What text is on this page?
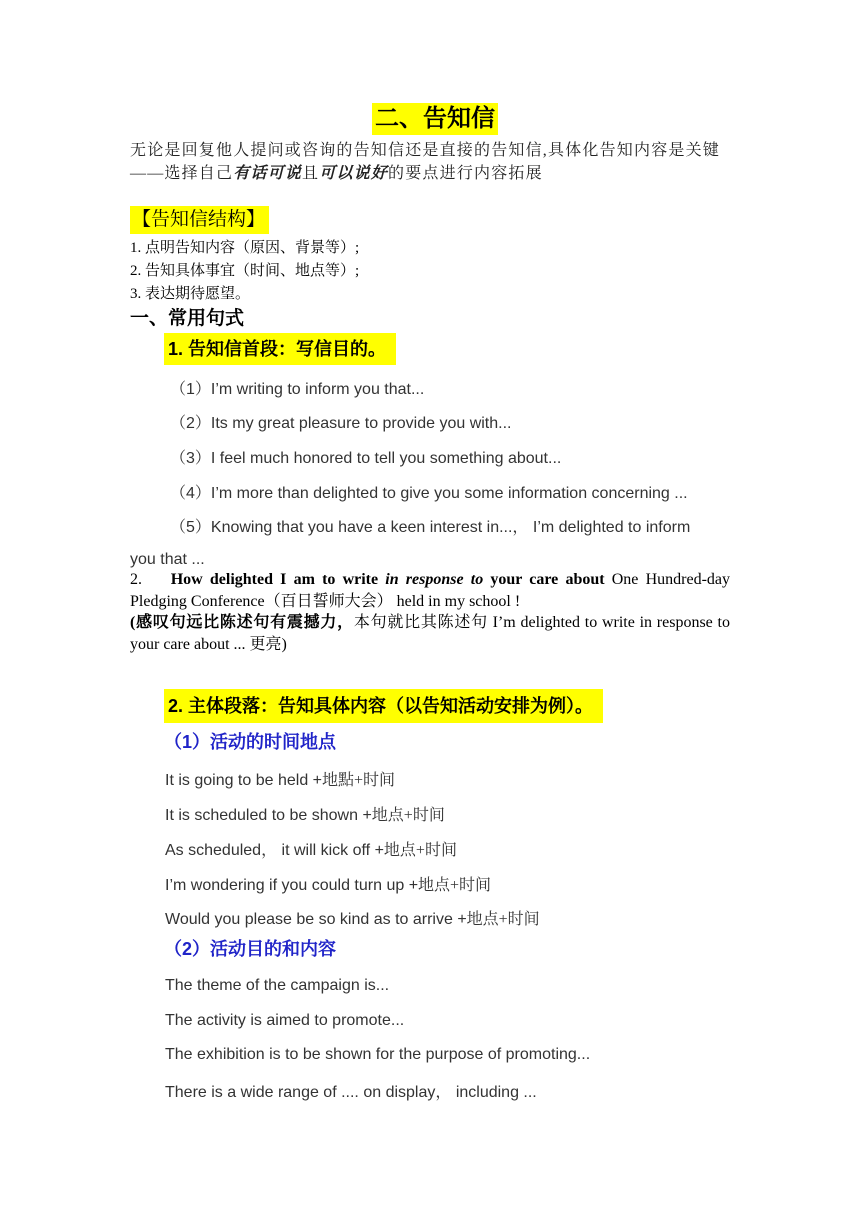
二、告知信
无论是回复他人提问或咨询的告知信还是直接的告知信,具体化告知内容是关键
——选择自己有话可说且可以说好的要点进行内容拓展
【告知信结构】
1. 点明告知内容（原因、背景等）;
2. 告知具体事宜（时间、地点等）;
3. 表达期待愿望。
一、常用句式
1. 告知信首段：写信目的。
（1）I’m writing to inform you that...
（2）Its my great pleasure to provide you with...
（3）I feel much honored to tell you something about...
（4）I’m more than delighted to give you some information concerning ...
（5）Knowing that you have a keen interest in...， I’m delighted to inform
you that ...
2. How delighted I am to write in response to your care about One Hundred-day Pledging Conference（百日誓师大会） held in my school !
(感叹句远比陈述句有震撼力，本句就比其陈述句 I’m delighted to write in response to your care about ... 更亮)
2. 主体段落：告知具体内容（以告知活动安排为例）。
（1）活动的时间地点
It is going to be held +地點+时间
It is scheduled to be shown +地点+时间
As scheduled， it will kick off +地点+时间
I’m wondering if you could turn up +地点+时间
Would you please be so kind as to arrive +地点+时间
（2）活动目的和内容
The theme of the campaign is...
The activity is aimed to promote...
The exhibition is to be shown for the purpose of promoting...
There is a wide range of .... on display， including ...
